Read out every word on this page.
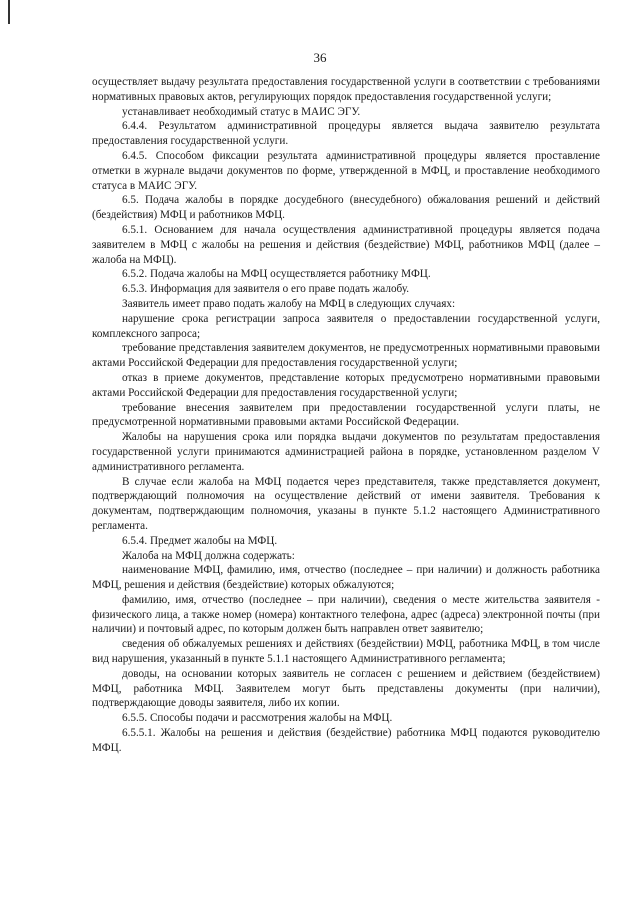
36

осуществляет выдачу результата предоставления государственной услуги в соответствии с требованиями нормативных правовых актов, регулирующих порядок предоставления государственной услуги;

устанавливает необходимый статус в МАИС ЭГУ.

6.4.4. Результатом административной процедуры является выдача заявителю результата предоставления государственной услуги.

6.4.5. Способом фиксации результата административной процедуры является проставление отметки в журнале выдачи документов по форме, утвержденной в МФЦ, и проставление необходимого статуса в МАИС ЭГУ.

6.5. Подача жалобы в порядке досудебного (внесудебного) обжалования решений и действий (бездействия) МФЦ и работников МФЦ.

6.5.1. Основанием для начала осуществления административной процедуры является подача заявителем в МФЦ с жалобы на решения и действия (бездействие) МФЦ, работников МФЦ (далее – жалоба на МФЦ).

6.5.2. Подача жалобы на МФЦ осуществляется работнику МФЦ.

6.5.3. Информация для заявителя о его праве подать жалобу.

Заявитель имеет право подать жалобу на МФЦ в следующих случаях:

нарушение срока регистрации запроса заявителя о предоставлении государственной услуги, комплексного запроса;

требование представления заявителем документов, не предусмотренных нормативными правовыми актами Российской Федерации для предоставления государственной услуги;

отказ в приеме документов, представление которых предусмотрено нормативными правовыми актами Российской Федерации для предоставления государственной услуги;

требование внесения заявителем при предоставлении государственной услуги платы, не предусмотренной нормативными правовыми актами Российской Федерации.

Жалобы на нарушения срока или порядка выдачи документов по результатам предоставления государственной услуги принимаются администрацией района в порядке, установленном разделом V административного регламента.

В случае если жалоба на МФЦ подается через представителя, также представляется документ, подтверждающий полномочия на осуществление действий от имени заявителя. Требования к документам, подтверждающим полномочия, указаны в пункте 5.1.2 настоящего Административного регламента.

6.5.4. Предмет жалобы на МФЦ.

Жалоба на МФЦ должна содержать:

наименование МФЦ, фамилию, имя, отчество (последнее – при наличии) и должность работника МФЦ, решения и действия (бездействие) которых обжалуются;

фамилию, имя, отчество (последнее – при наличии), сведения о месте жительства заявителя - физического лица, а также номер (номера) контактного телефона, адрес (адреса) электронной почты (при наличии) и почтовый адрес, по которым должен быть направлен ответ заявителю;

сведения об обжалуемых решениях и действиях (бездействии) МФЦ, работника МФЦ, в том числе вид нарушения, указанный в пункте 5.1.1 настоящего Административного регламента;

доводы, на основании которых заявитель не согласен с решением и действием (бездействием) МФЦ, работника МФЦ. Заявителем могут быть представлены документы (при наличии), подтверждающие доводы заявителя, либо их копии.

6.5.5. Способы подачи и рассмотрения жалобы на МФЦ.

6.5.5.1. Жалобы на решения и действия (бездействие) работника МФЦ подаются руководителю МФЦ.
